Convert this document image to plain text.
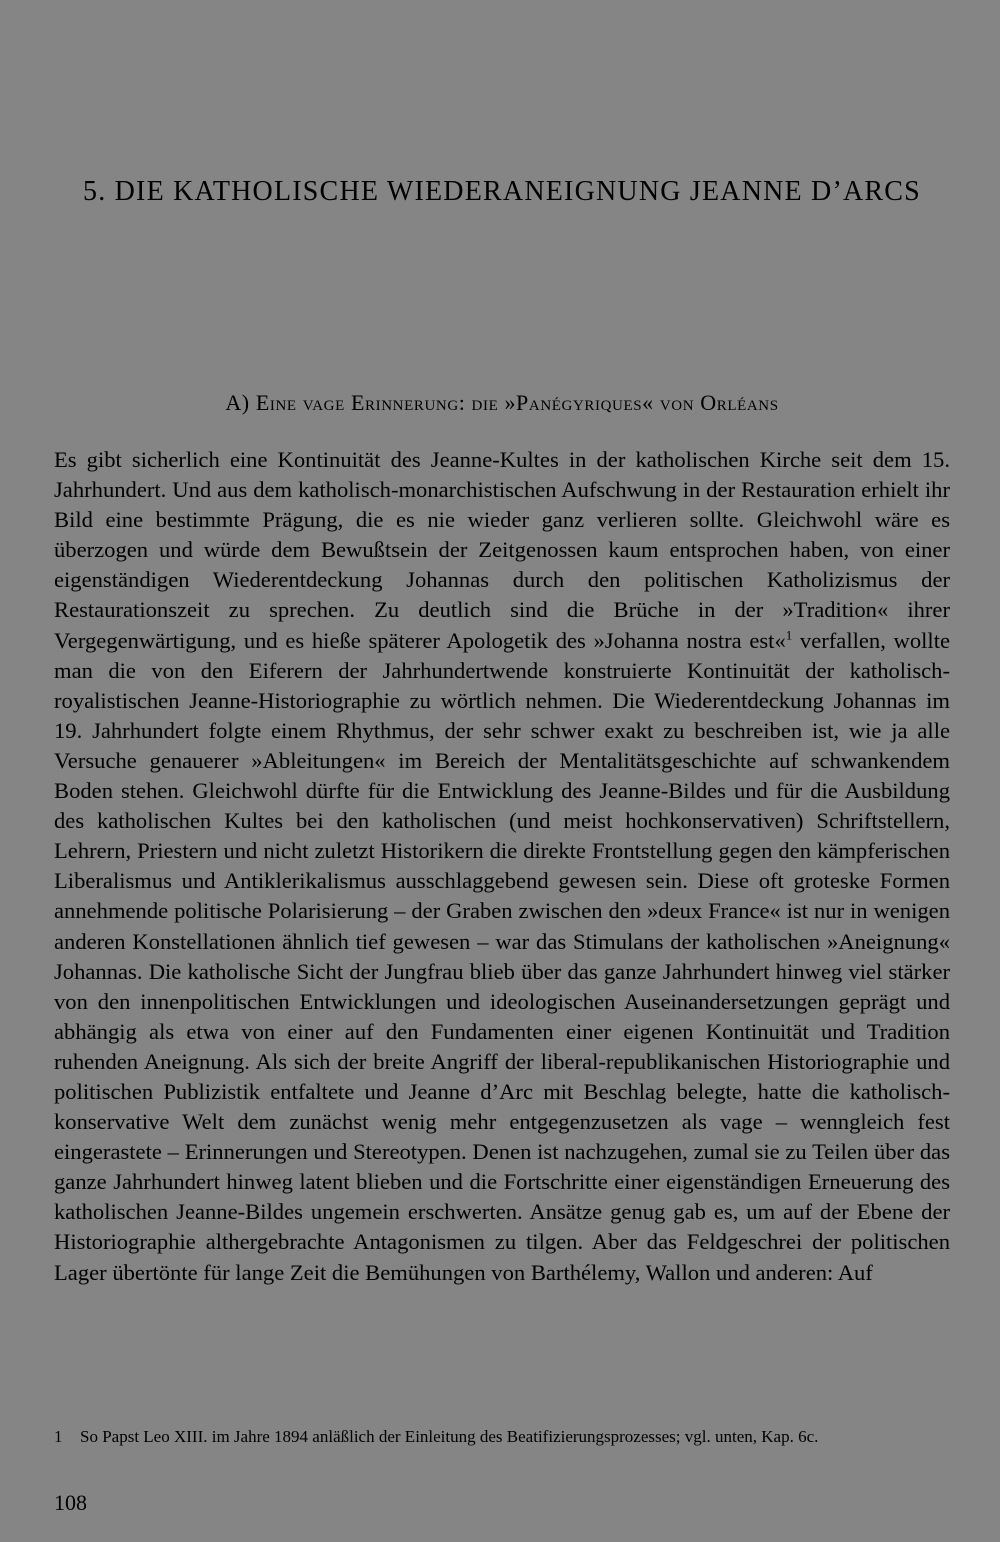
5. DIE KATHOLISCHE WIEDERANEIGNUNG JEANNE D’ARCS
A) Eine vage Erinnerung: die »Panégyriques« von Orléans

Es gibt sicherlich eine Kontinuität des Jeanne-Kultes in der katholischen Kirche seit dem 15. Jahrhundert. Und aus dem katholisch-monarchistischen Aufschwung in der Restauration erhielt ihr Bild eine bestimmte Prägung, die es nie wieder ganz verlieren sollte. Gleichwohl wäre es überzogen und würde dem Bewußtsein der Zeitgenossen kaum entsprochen haben, von einer eigenständigen Wiederentdeckung Johannas durch den politischen Katholizismus der Restaurationszeit zu sprechen. Zu deutlich sind die Brüche in der »Tradition« ihrer Vergegenwärtigung, und es hieße späterer Apologetik des »Johanna nostra est«$^1$ verfallen, wollte man die von den Eiferern der Jahrhundertwende konstruierte Kontinuität der katholisch-royalistischen Jeanne-Historiographie zu wörtlich nehmen. Die Wiederentdeckung Johannas im 19. Jahrhundert folgte einem Rhythmus, der sehr schwer exakt zu beschreiben ist, wie ja alle Versuche genauerer »Ableitungen« im Bereich der Mentalitätsgeschichte auf schwankendem Boden stehen. Gleichwohl dürfte für die Entwicklung des Jeanne-Bildes und für die Ausbildung des katholischen Kultes bei den katholischen (und meist hochkonservativen) Schriftstellern, Lehrern, Priestern und nicht zuletzt Historikern die direkte Frontstellung gegen den kämpferischen Liberalismus und Antiklerikalismus ausschlaggebend gewesen sein. Diese oft groteske Formen annehmende politische Polarisierung – der Graben zwischen den »deux France« ist nur in wenigen anderen Konstellationen ähnlich tief gewesen – war das Stimulans der katholischen »Aneignung« Johannas. Die katholische Sicht der Jungfrau blieb über das ganze Jahrhundert hinweg viel stärker von den innenpolitischen Entwicklungen und ideologischen Auseinandersetzungen geprägt und abhängig als etwa von einer auf den Fundamenten einer eigenen Kontinuität und Tradition ruhenden Aneignung. Als sich der breite Angriff der liberal-republikanischen Historiographie und politischen Publizistik entfaltete und Jeanne d’Arc mit Beschlag belegte, hatte die katholisch-konservative Welt dem zunächst wenig mehr entgegenzusetzen als vage – wenngleich fest eingerastete – Erinnerungen und Stereotypen. Denen ist nachzugehen, zumal sie zu Teilen über das ganze Jahrhundert hinweg latent blieben und die Fortschritte einer eigenständigen Erneuerung des katholischen Jeanne-Bildes ungemein erschwerten. Ansätze genug gab es, um auf der Ebene der Historiographie althergebrachte Antagonismen zu tilgen. Aber das Feldgeschrei der politischen Lager übertönte für lange Zeit die Bemühungen von Barthélemy, Wallon und anderen: Auf

1 So Papst Leo XIII. im Jahre 1894 anläßlich der Einleitung des Beatifizierungsprozesses; vgl. unten, Kap. 6c.

108
